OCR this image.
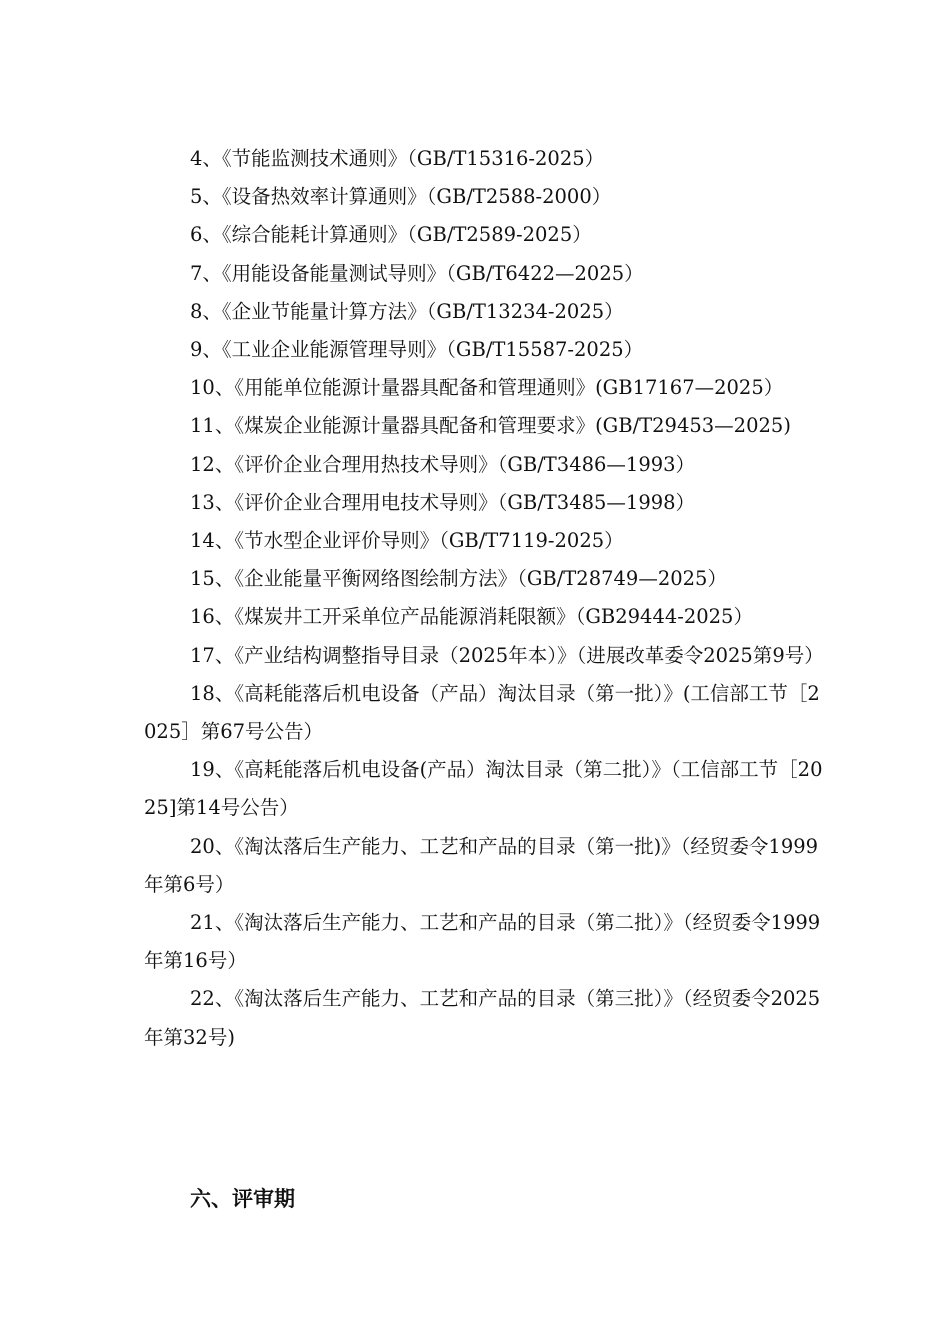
4、《节能监测技术通则》（GB/T15316-2025）

5、《设备热效率计算通则》（GB/T2588-2000）

6、《综合能耗计算通则》（GB/T2589-2025）

7、《用能设备能量测试导则》（GB/T6422—2025）

8、《企业节能量计算方法》（GB/T13234-2025）

9、《工业企业能源管理导则》（GB/T15587-2025）

10、《用能单位能源计量器具配备和管理通则》(GB17167—2025）

11、《煤炭企业能源计量器具配备和管理要求》(GB/T29453—2025)

12、《评价企业合理用热技术导则》（GB/T3486—1993）

13、《评价企业合理用电技术导则》（GB/T3485—1998）

14、《节水型企业评价导则》（GB/T7119-2025）

15、《企业能量平衡网络图绘制方法》（GB/T28749—2025）

16、《煤炭井工开采单位产品能源消耗限额》（GB29444-2025）

17、《产业结构调整指导目录（2025年本）》（进展改革委令2025第9号）

18、《高耗能落后机电设备（产品）淘汰目录（第一批）》(工信部工节［2025］第67号公告）

19、《高耗能落后机电设备(产品）淘汰目录（第二批）》（工信部工节［2025]第14号公告）

20、《淘汰落后生产能力、工艺和产品的目录（第一批)》（经贸委令1999年第6号）

21、《淘汰落后生产能力、工艺和产品的目录（第二批）》（经贸委令1999年第16号）

22、《淘汰落后生产能力、工艺和产品的目录（第三批）》（经贸委令2025年第32号)

六、评审期
